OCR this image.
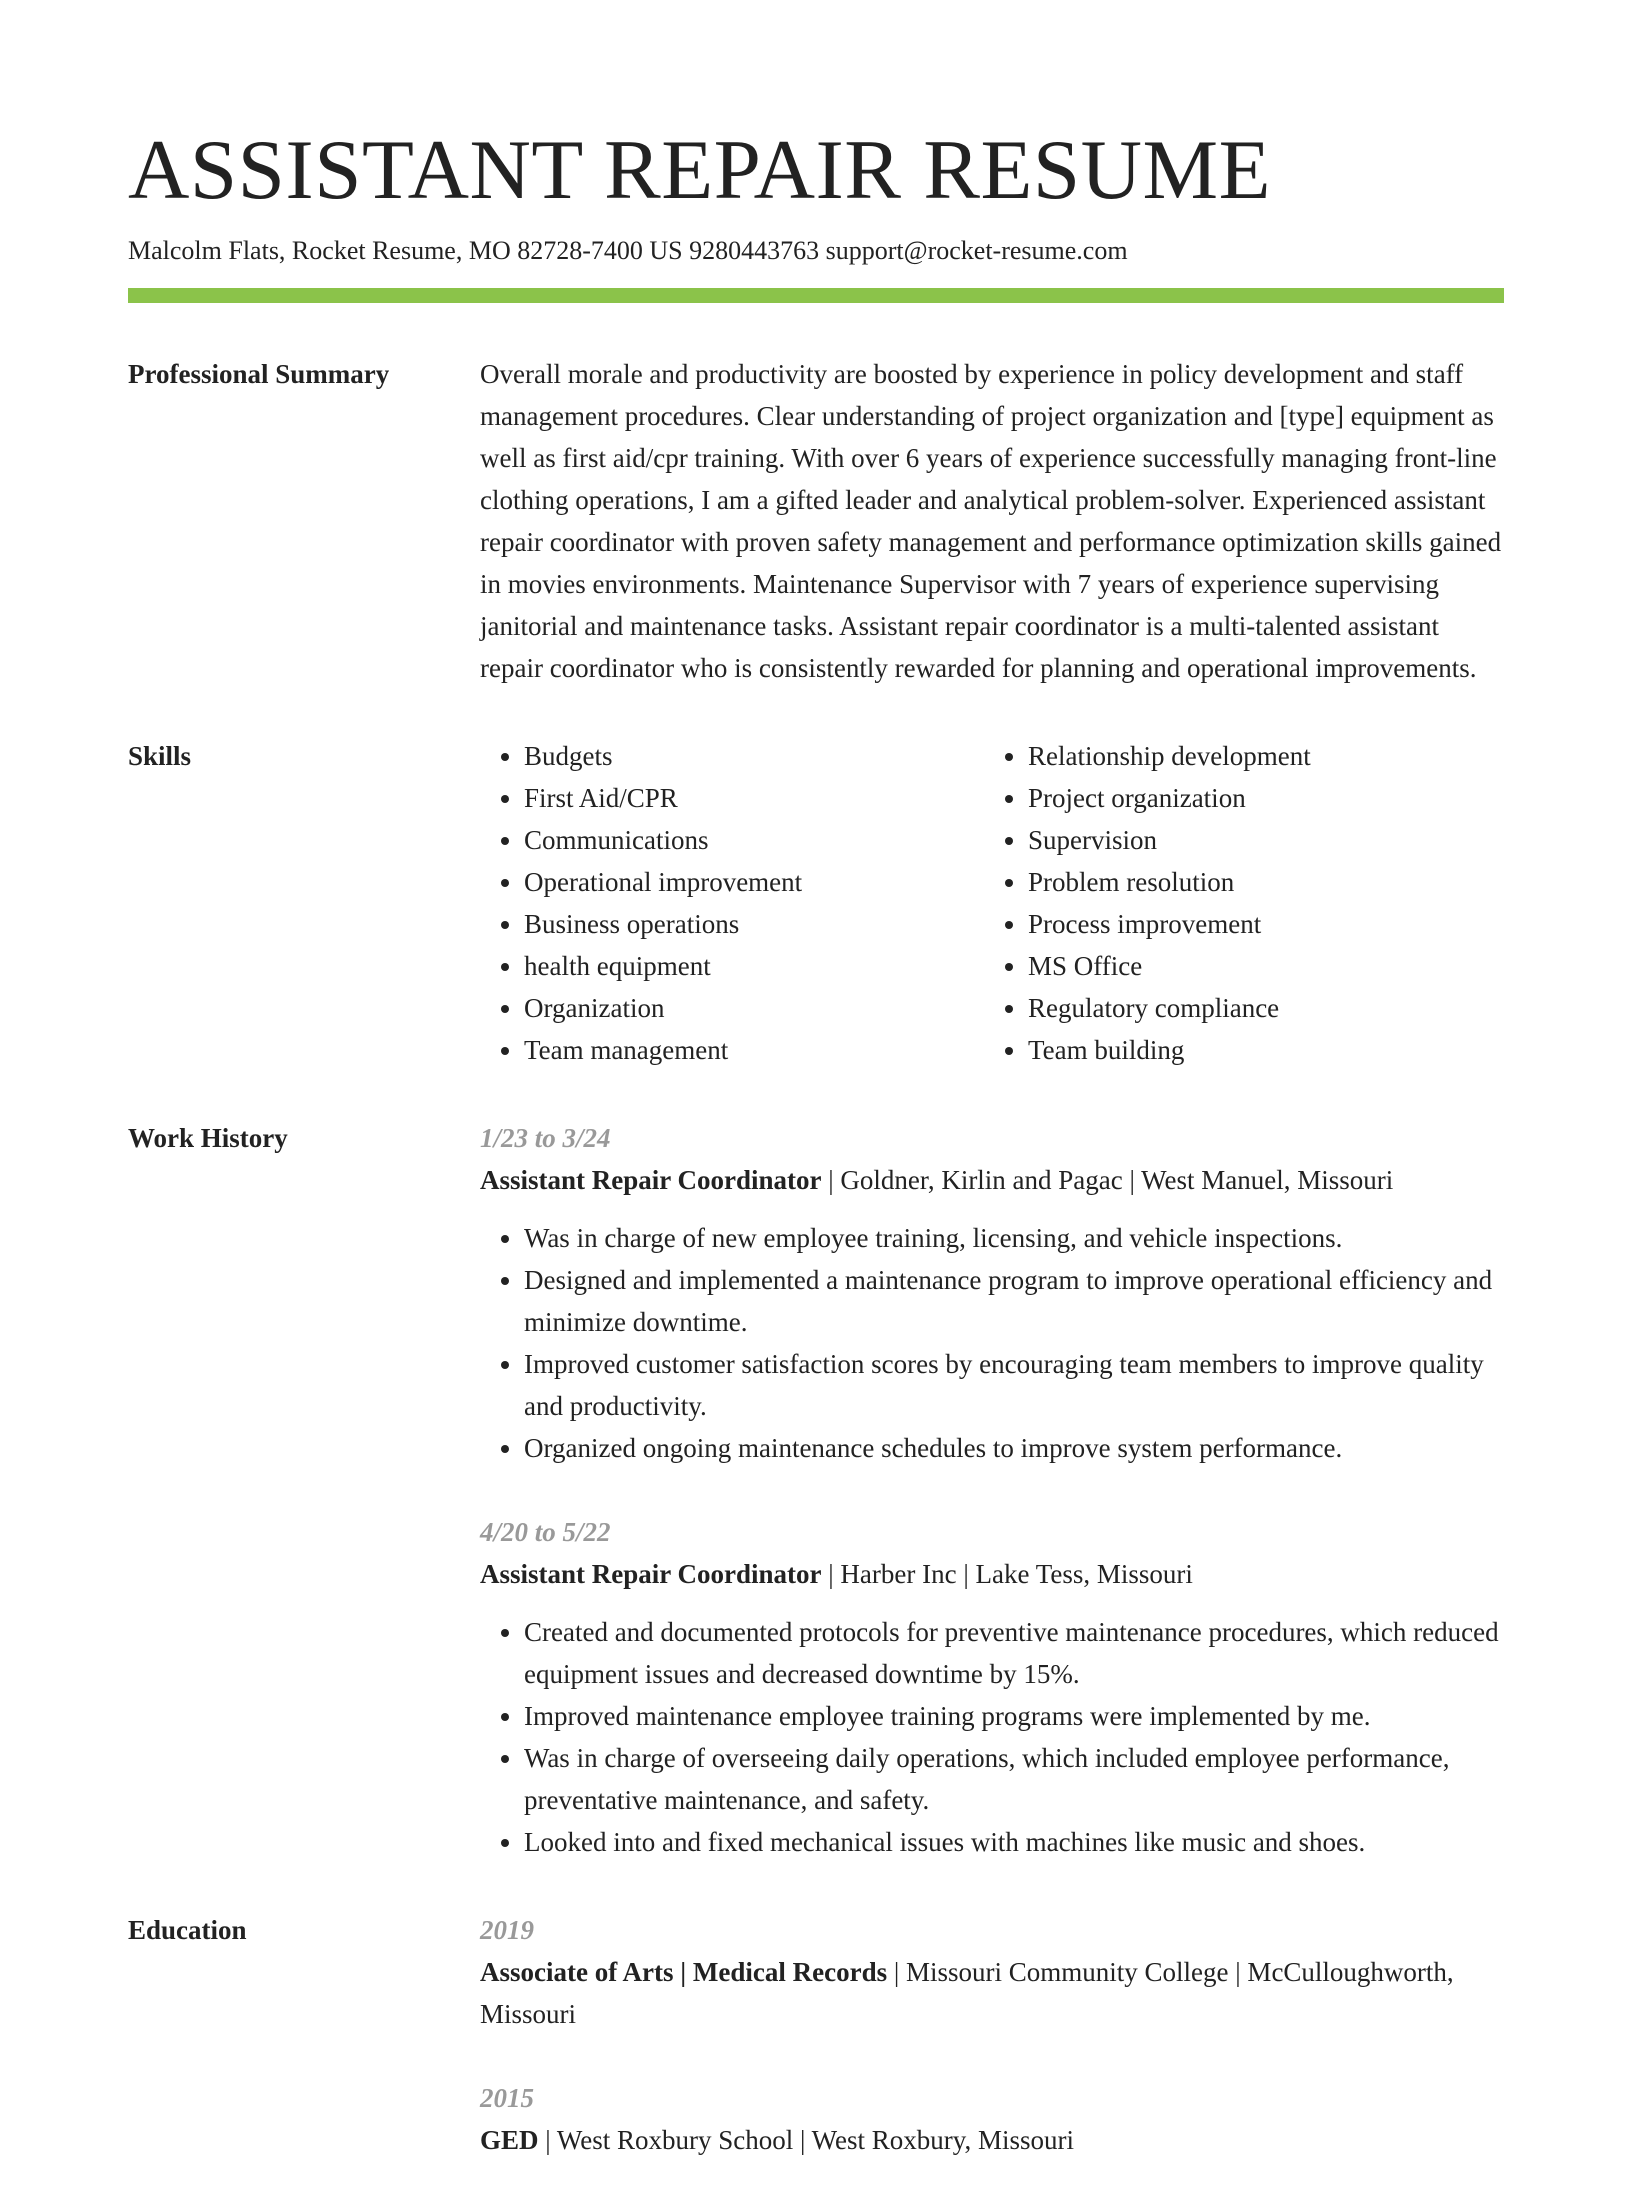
ASSISTANT REPAIR RESUME
Malcolm Flats, Rocket Resume, MO 82728-7400 US 9280443763 support@rocket-resume.com
Professional Summary	Overall morale and productivity are boosted by experience in policy development and staff management procedures. Clear understanding of project organization and [type] equipment as well as first aid/cpr training. With over 6 years of experience successfully managing front-line clothing operations, I am a gifted leader and analytical problem-solver. Experienced assistant repair coordinator with proven safety management and performance optimization skills gained in movies environments. Maintenance Supervisor with 7 years of experience supervising janitorial and maintenance tasks. Assistant repair coordinator is a multi-talented assistant repair coordinator who is consistently rewarded for planning and operational improvements.

Skills
•	Budgets
• First Aid/CPR
• Communications
• Operational improvement
• Business operations
• health equipment
• Organization
• Team management
• Relationship development
• Project organization
• Supervision
• Problem resolution
• Process improvement
• MS Office
• Regulatory compliance
• Team building
Work History	1/23 to 3/24
Assistant Repair Coordinator | Goldner, Kirlin and Pagac | West Manuel, Missouri
• Was in charge of new employee training, licensing, and vehicle inspections.
• Designed and implemented a maintenance program to improve operational efficiency and minimize downtime.
• Improved customer satisfaction scores by encouraging team members to improve quality and productivity.
• Organized ongoing maintenance schedules to improve system performance.
4/20 to 5/22
Assistant Repair Coordinator | Harber Inc | Lake Tess, Missouri
• Created and documented protocols for preventive maintenance procedures, which reduced equipment issues and decreased downtime by 15%.
• Improved maintenance employee training programs were implemented by me.
• Was in charge of overseeing daily operations, which included employee performance, preventative maintenance, and safety.
• Looked into and fixed mechanical issues with machines like music and shoes.
Education	2019
Associate of Arts | Medical Records | Missouri Community College | McCulloughworth, Missouri
2015
GED | West Roxbury School | West Roxbury, Missouri
